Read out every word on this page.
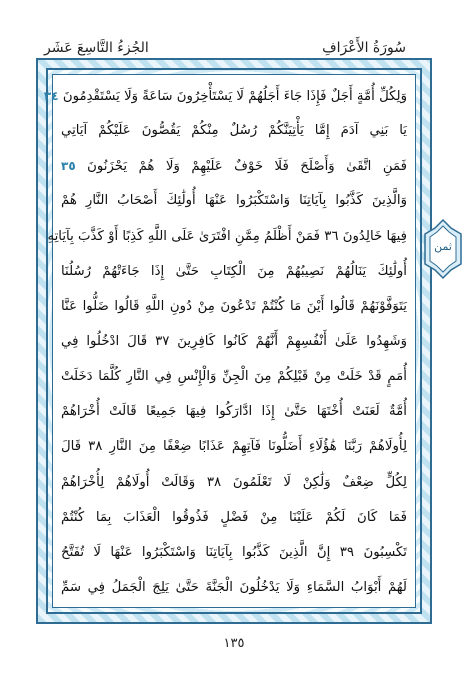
سُورَةُ الأَعْرَافِ
الجُزءُ التَّاسِعَ عَشَر
وَلِكُلِّ أُمَّةٍ أَجَلٌ فَإِذَا جَاءَ أَجَلُهُمْ لَا يَسْتَأْخِرُونَ سَاعَةً وَلَا يَسْتَقْدِمُونَ ٣٤
يَا بَنِي آدَمَ إِمَّا يَأْتِيَنَّكُمْ رُسُلٌ مِنْكُمْ يَقُصُّونَ عَلَيْكُمْ آيَاتِي
فَمَنِ اتَّقَىٰ وَأَصْلَحَ فَلَا خَوْفٌ عَلَيْهِمْ وَلَا هُمْ يَحْزَنُونَ ٣٥
وَالَّذِينَ كَذَّبُوا بِآيَاتِنَا وَاسْتَكْبَرُوا عَنْهَا أُولَٰئِكَ أَصْحَابُ النَّارِ هُمْ
فِيهَا خَالِدُونَ ٣٦ فَمَنْ أَظْلَمُ مِمَّنِ افْتَرَىٰ عَلَى اللَّهِ كَذِبًا أَوْ كَذَّبَ بِآيَاتِهِ
أُولَٰئِكَ يَنَالُهُمْ نَصِيبُهُمْ مِنَ الْكِتَابِ حَتَّىٰ إِذَا جَاءَتْهُمْ رُسُلُنَا
يَتَوَفَّوْنَهُمْ قَالُوا أَيْنَ مَا كُنْتُمْ تَدْعُونَ مِنْ دُونِ اللَّهِ قَالُوا ضَلُّوا عَنَّا
وَشَهِدُوا عَلَىٰ أَنْفُسِهِمْ أَنَّهُمْ كَانُوا كَافِرِينَ ٣٧ قَالَ ادْخُلُوا فِي
أُمَمٍ قَدْ خَلَتْ مِنْ قَبْلِكُمْ مِنَ الْجِنِّ وَالْإِنْسِ فِي النَّارِ كُلَّمَا دَخَلَتْ
أُمَّةٌ لَعَنَتْ أُخْتَهَا حَتَّىٰ إِذَا ادَّارَكُوا فِيهَا جَمِيعًا قَالَتْ أُخْرَاهُمْ
لِأُولَاهُمْ رَبَّنَا هَٰؤُلَاءِ أَضَلُّونَا فَآتِهِمْ عَذَابًا ضِعْفًا مِنَ النَّارِ ٣٨ قَالَ
لِكُلٍّ ضِعْفٌ وَلَٰكِنْ لَا تَعْلَمُونَ ٣٨ وَقَالَتْ أُولَاهُمْ لِأُخْرَاهُمْ
فَمَا كَانَ لَكُمْ عَلَيْنَا مِنْ فَضْلٍ فَذُوقُوا الْعَذَابَ بِمَا كُنْتُمْ
تَكْسِبُونَ ٣٩ إِنَّ الَّذِينَ كَذَّبُوا بِآيَاتِنَا وَاسْتَكْبَرُوا عَنْهَا لَا تُفَتَّحُ
لَهُمْ أَبْوَابُ السَّمَاءِ وَلَا يَدْخُلُونَ الْجَنَّةَ حَتَّىٰ يَلِجَ الْجَمَلُ فِي سَمِّ
ثمن
١٣٥
